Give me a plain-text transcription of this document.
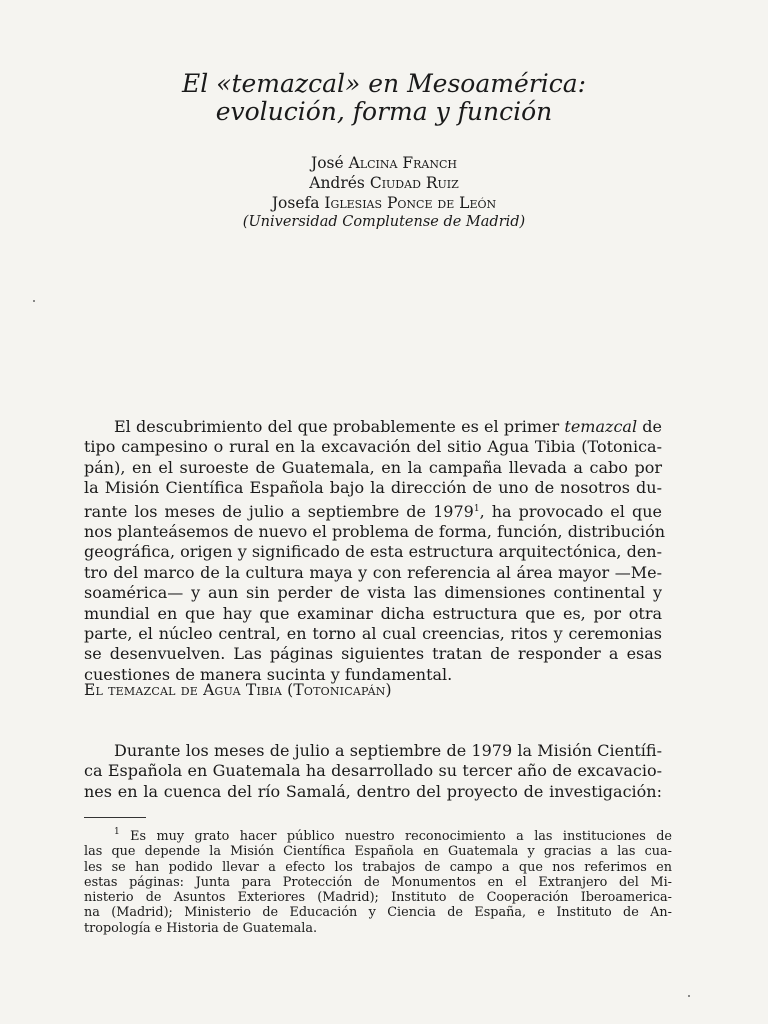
El «temazcal» en Mesoamérica:
evolución, forma y función
José Alcina Franch
Andrés Ciudad Ruiz
Josefa Iglesias Ponce de León
(Universidad Complutense de Madrid)
El descubrimiento del que probablemente es el primer temazcal de
tipo campesino o rural en la excavación del sitio Agua Tibia (Totonica-
pán), en el suroeste de Guatemala, en la campaña llevada a cabo por
la Misión Científica Española bajo la dirección de uno de nosotros du-
rante los meses de julio a septiembre de 1979$^1$, ha provocado el que
nos planteásemos de nuevo el problema de forma, función, distribución
geográfica, origen y significado de esta estructura arquitectónica, den-
tro del marco de la cultura maya y con referencia al área mayor —Me-
soamérica— y aun sin perder de vista las dimensiones continental y
mundial en que hay que examinar dicha estructura que es, por otra
parte, el núcleo central, en torno al cual creencias, ritos y ceremonias
se desenvuelven. Las páginas siguientes tratan de responder a esas
cuestiones de manera sucinta y fundamental.
El temazcal de Agua Tibia (Totonicapán)
Durante los meses de julio a septiembre de 1979 la Misión Científi-
ca Española en Guatemala ha desarrollado su tercer año de excavacio-
nes en la cuenca del río Samalá, dentro del proyecto de investigación:
$^1$ Es muy grato hacer público nuestro reconocimiento a las instituciones de
las que depende la Misión Científica Española en Guatemala y gracias a las cua-
les se han podido llevar a efecto los trabajos de campo a que nos referimos en
estas páginas: Junta para Protección de Monumentos en el Extranjero del Mi-
nisterio de Asuntos Exteriores (Madrid); Instituto de Cooperación Iberoamerica-
na (Madrid); Ministerio de Educación y Ciencia de España, e Instituto de An-
tropología e Historia de Guatemala.
